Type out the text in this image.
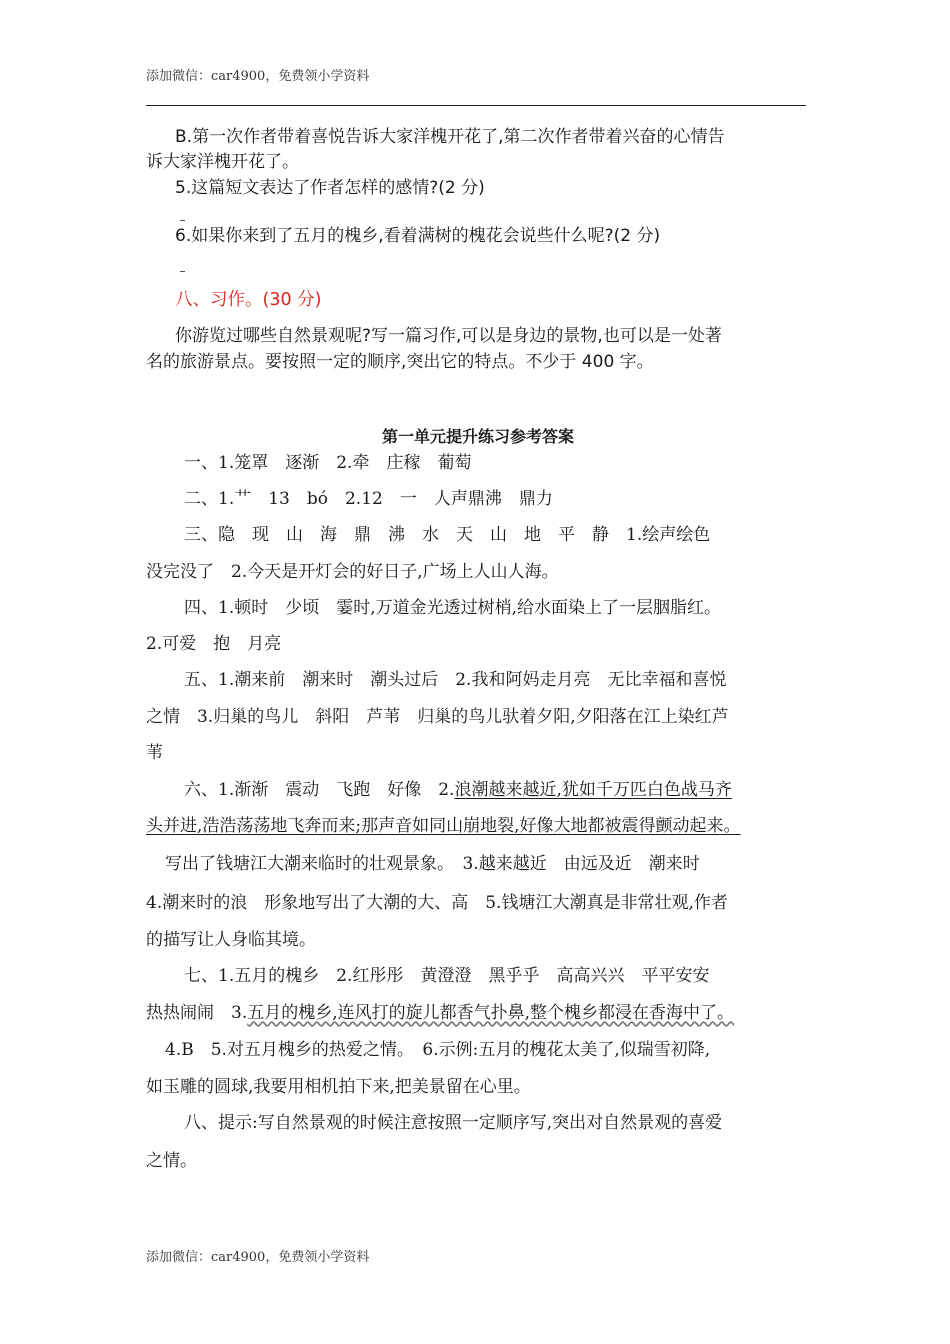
添加微信：car4900，免费领小学资料
B.第一次作者带着喜悦告诉大家洋槐开花了,第二次作者带着兴奋的心情告
诉大家洋槐开花了。
5.这篇短文表达了作者怎样的感情?(2 分)
6.如果你来到了五月的槐乡,看着满树的槐花会说些什么呢?(2 分)
八、习作。(30 分)
你游览过哪些自然景观呢?写一篇习作,可以是身边的景物,也可以是一处著
名的旅游景点。要按照一定的顺序,突出它的特点。不少于 400 字。
第一单元提升练习参考答案
一、1.笼罩　逐渐　2.牵　庄稼　葡萄
二、1.艹　13　bó　2.12　一　人声鼎沸　鼎力
三、隐　现　山　海　鼎　沸　水　天　山　地　平　静　1.绘声绘色
没完没了　2.今天是开灯会的好日子,广场上人山人海。
四、1.顿时　少顷　霎时,万道金光透过树梢,给水面染上了一层胭脂红。
2.可爱　抱　月亮
五、1.潮来前　潮来时　潮头过后　2.我和阿妈走月亮　无比幸福和喜悦
之情　3.归巢的鸟儿　斜阳　芦苇　归巢的鸟儿驮着夕阳,夕阳落在江上染红芦
苇
六、1.渐渐　震动　飞跑　好像　2.浪潮越来越近,犹如千万匹白色战马齐
头并进,浩浩荡荡地飞奔而来;那声音如同山崩地裂,好像大地都被震得颤动起来。
写出了钱塘江大潮来临时的壮观景象。　3.越来越近　由远及近　潮来时
4.潮来时的浪　形象地写出了大潮的大、高　5.钱塘江大潮真是非常壮观,作者
的描写让人身临其境。
七、1.五月的槐乡　2.红彤彤　黄澄澄　黑乎乎　高高兴兴　平平安安
热热闹闹　3.五月的槐乡,连风打的旋儿都香气扑鼻,整个槐乡都浸在香海中了。
4.B　5.对五月槐乡的热爱之情。　6.示例:五月的槐花太美了,似瑞雪初降,
如玉雕的圆球,我要用相机拍下来,把美景留在心里。
八、提示:写自然景观的时候注意按照一定顺序写,突出对自然景观的喜爱
之情。
添加微信：car4900，免费领小学资料
